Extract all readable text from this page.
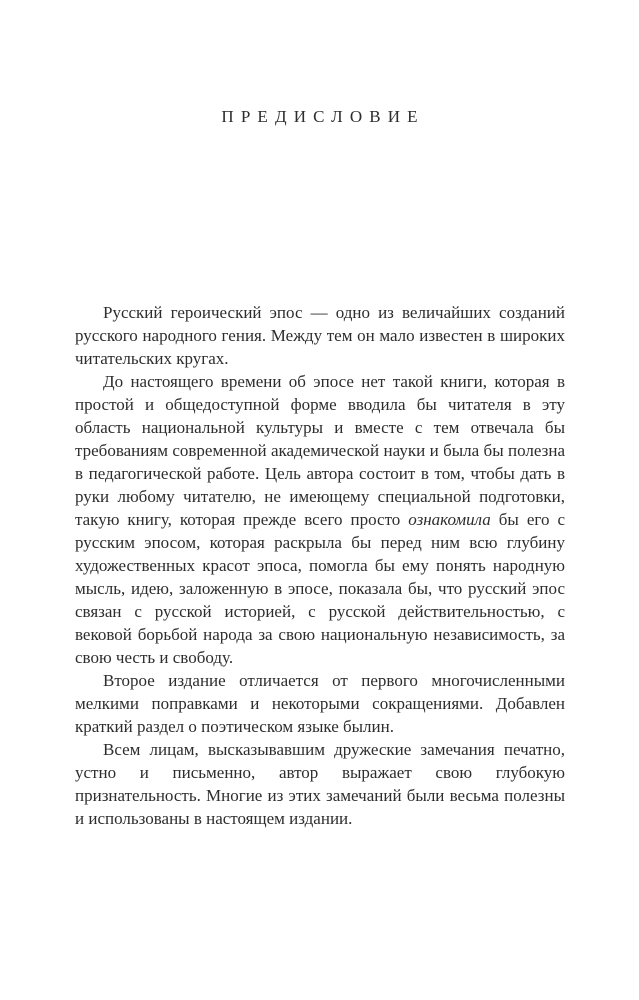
ПРЕДИСЛОВИЕ

Русский героический эпос — одно из величайших созданий русского народного гения. Между тем он мало известен в широких читательских кругах.

До настоящего времени об эпосе нет такой книги, которая в простой и общедоступной форме вводила бы читателя в эту область национальной культуры и вместе с тем отвечала бы требованиям современной академической науки и была бы полезна в педагогической работе. Цель автора состоит в том, чтобы дать в руки любому читателю, не имеющему специальной подготовки, такую книгу, которая прежде всего просто ознакомила бы его с русским эпосом, которая раскрыла бы перед ним всю глубину художественных красот эпоса, помогла бы ему понять народную мысль, идею, заложенную в эпосе, показала бы, что русский эпос связан с русской историей, с русской действительностью, с вековой борьбой народа за свою национальную независимость, за свою честь и свободу.

Второе издание отличается от первого многочисленными мелкими поправками и некоторыми сокращениями. Добавлен краткий раздел о поэтическом языке былин.

Всем лицам, высказывавшим дружеские замечания печатно, устно и письменно, автор выражает свою глубокую признательность. Многие из этих замечаний были весьма полезны и использованы в настоящем издании.
